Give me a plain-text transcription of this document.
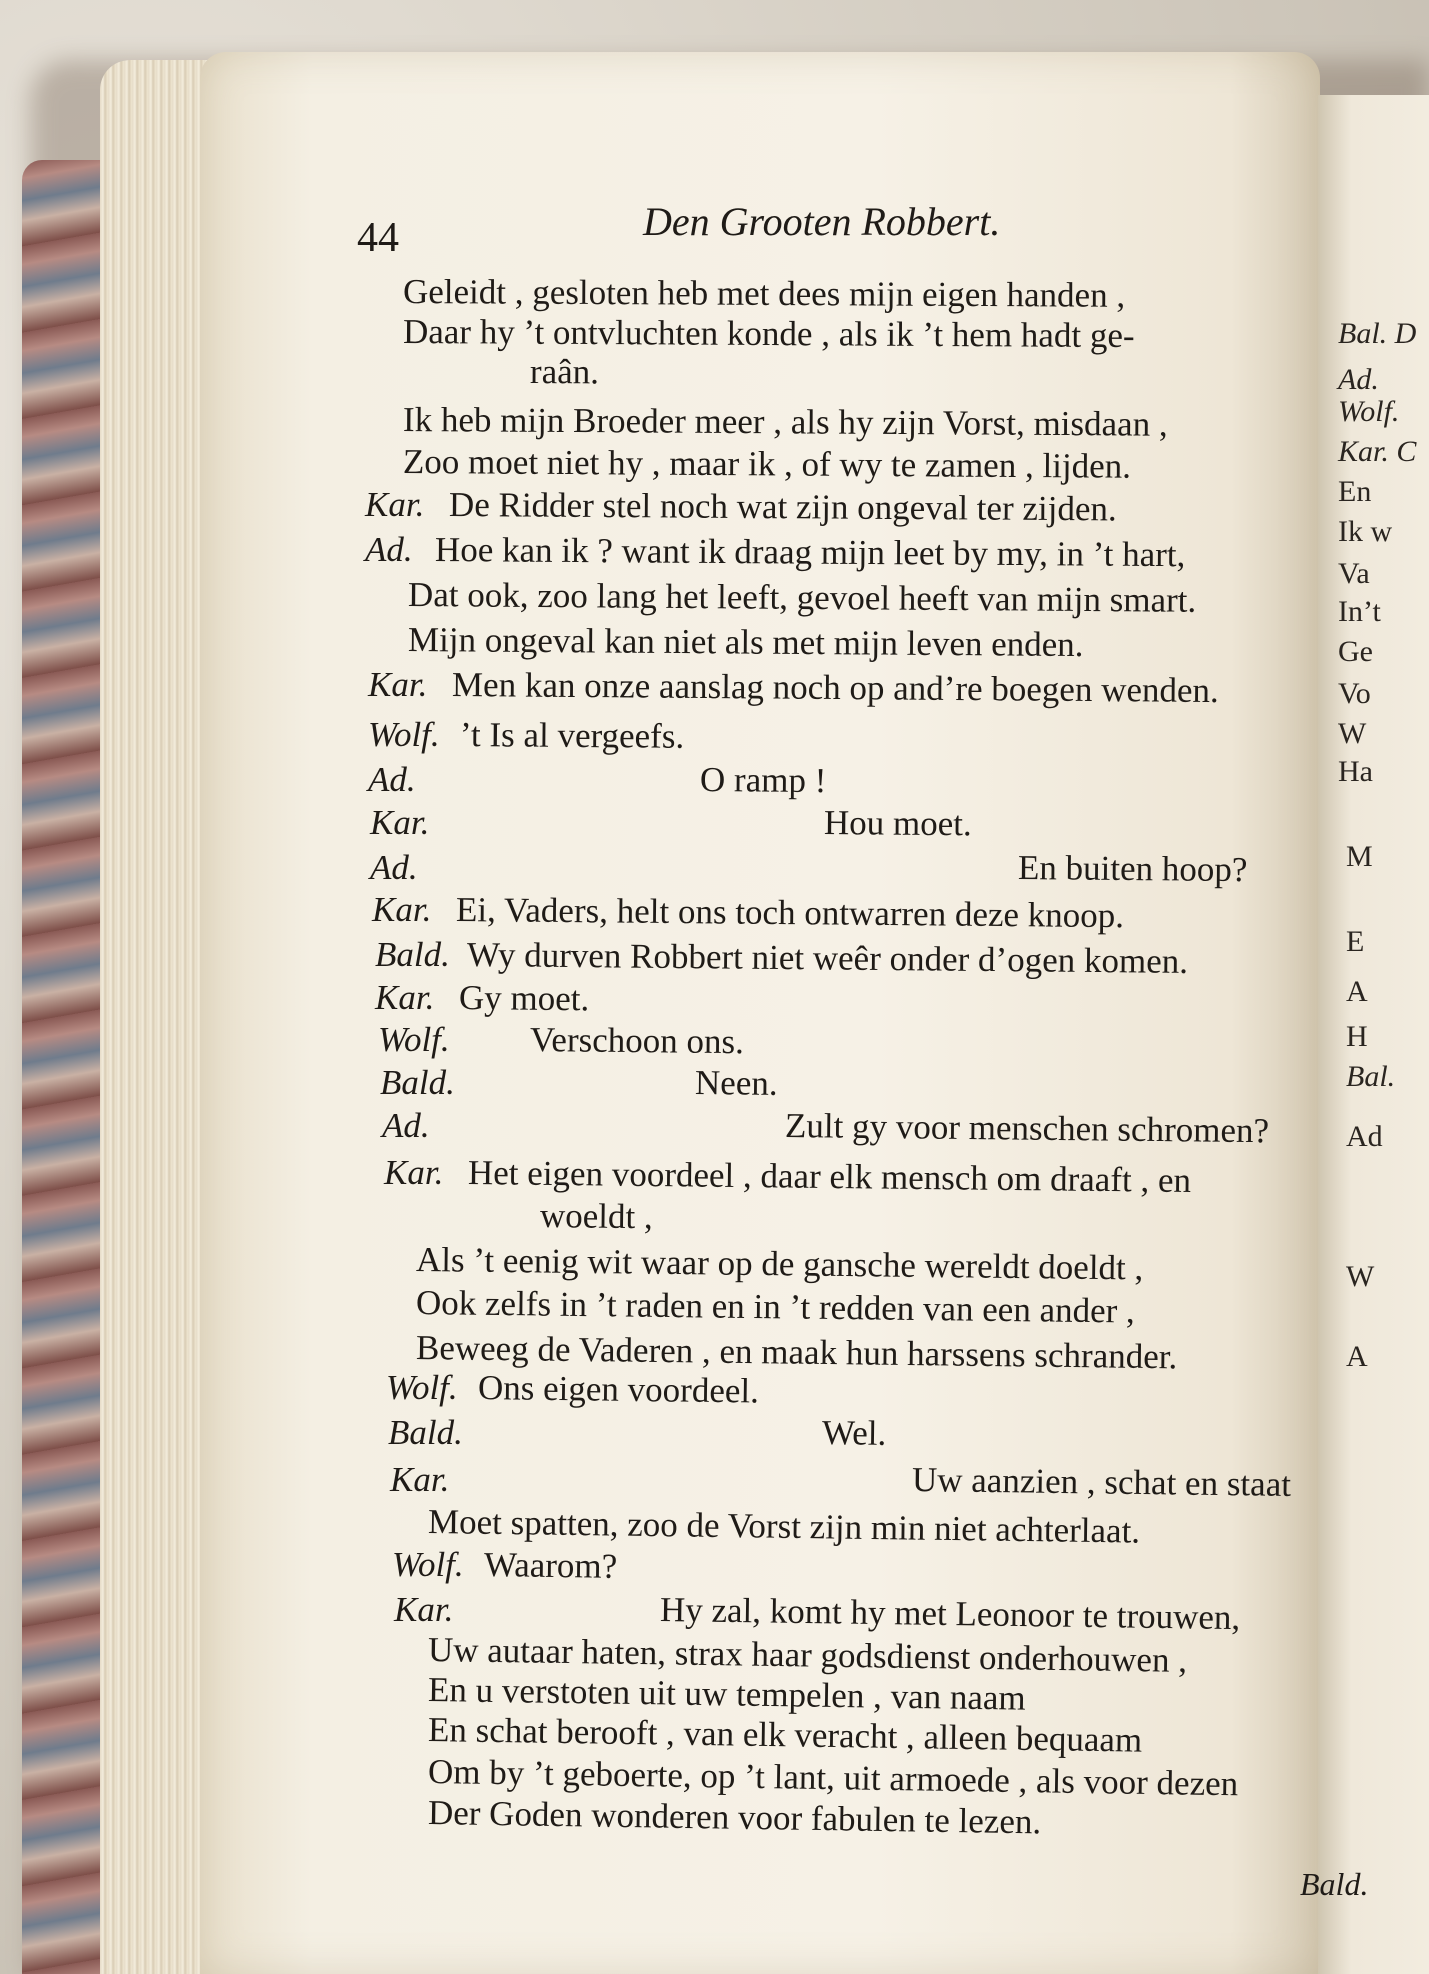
Bal. D
Ad.
Wolf.
Kar. C
En
Ik w
Va
In’t
Ge
Vo
W
Ha
M
E
A
H
Bal.
Ad
W
A
44	Den Grooten Robbert.
Geleidt , gesloten heb met dees mijn eigen handen ,
Daar hy ’t ontvluchten konde , als ik ’t hem hadt ge-
raân.
Ik heb mijn Broeder meer , als hy zijn Vorst, misdaan ,
Zoo moet niet hy , maar ik , of wy te zamen , lijden.
Kar. De Ridder stel noch wat zijn ongeval ter zijden.
Ad. Hoe kan ik ? want ik draag mijn leet by my, in ’t hart,
Dat ook, zoo lang het leeft, gevoel heeft van mijn smart.
Mijn ongeval kan niet als met mijn leven enden.
Kar. Men kan onze aanslag noch op and’re boegen wenden.
Wolf. ’t Is al vergeefs.
Ad.	O ramp !
Kar.	Hou moet.
Ad.	En buiten hoop?
Kar. Ei, Vaders, helt ons toch ontwarren deze knoop.
Bald. Wy durven Robbert niet weêr onder d’ogen komen.
Kar. Gy moet.
Wolf. Verschoon ons.
Bald.	Neen.
Ad.	Zult gy voor menschen schromen?
Kar. Het eigen voordeel , daar elk mensch om draaft , en
woeldt ,
Als ’t eenig wit waar op de gansche wereldt doeldt ,
Ook zelfs in ’t raden en in ’t redden van een ander ,
Beweeg de Vaderen , en maak hun harssens schrander.
Wolf. Ons eigen voordeel.
Bald.	Wel.
Kar.	Uw aanzien , schat en staat
Moet spatten, zoo de Vorst zijn min niet achterlaat.
Wolf. Waarom?
Kar.	Hy zal, komt hy met Leonoor te trouwen,
Uw autaar haten, strax haar godsdienst onderhouwen ,
En u verstoten uit uw tempelen , van naam
En schat berooft , van elk veracht , alleen bequaam
Om by ’t geboerte, op ’t lant, uit armoede , als voor dezen
Der Goden wonderen voor fabulen te lezen.
Bald.
